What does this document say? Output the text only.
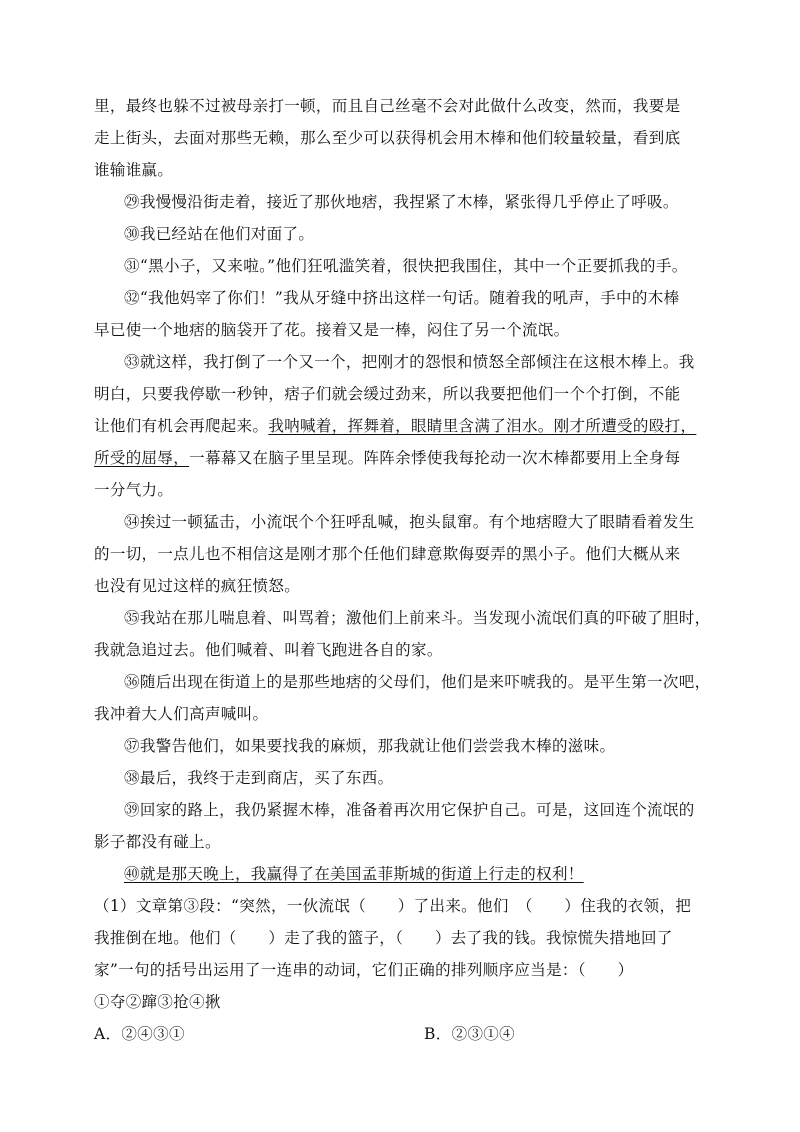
里，最终也躲不过被母亲打一顿，而且自己丝毫不会对此做什么改变，然而，我要是
走上街头，去面对那些无赖，那么至少可以获得机会用木棒和他们较量较量，看到底
谁输谁赢。
㉙我慢慢沿街走着，接近了那伙地痞，我捏紧了木棒，紧张得几乎停止了呼吸。
㉚我已经站在他们对面了。
㉛“黑小子，又来啦。”他们狂吼滥笑着，很快把我围住，其中一个正要抓我的手。
㉜“我他妈宰了你们！”我从牙缝中挤出这样一句话。随着我的吼声，手中的木棒
早已使一个地痞的脑袋开了花。接着又是一棒，闷住了另一个流氓。
㉝就这样，我打倒了一个又一个，把刚才的怨恨和愤怒全部倾注在这根木棒上。我
明白，只要我停歇一秒钟，痞子们就会缓过劲来，所以我要把他们一个个打倒，不能
让他们有机会再爬起来。我呐喊着，挥舞着，眼睛里含满了泪水。刚才所遭受的殴打，
所受的屈辱，一幕幕又在脑子里呈现。阵阵余悸使我每抡动一次木棒都要用上全身每
一分气力。
㉞挨过一顿猛击，小流氓个个狂呼乱喊，抱头鼠窜。有个地痞瞪大了眼睛看着发生
的一切，一点儿也不相信这是刚才那个任他们肆意欺侮耍弄的黑小子。他们大概从来
也没有见过这样的疯狂愤怒。
㉟我站在那儿喘息着、叫骂着；激他们上前来斗。当发现小流氓们真的吓破了胆时，
我就急追过去。他们喊着、叫着飞跑进各自的家。
㊱随后出现在街道上的是那些地痞的父母们，他们是来吓唬我的。是平生第一次吧，
我冲着大人们高声喊叫。
㊲我警告他们，如果要找我的麻烦，那我就让他们尝尝我木棒的滋味。
㊳最后，我终于走到商店，买了东西。
㊴回家的路上，我仍紧握木棒，准备着再次用它保护自己。可是，这回连个流氓的
影子都没有碰上。
㊵就是那天晚上，我赢得了在美国孟菲斯城的街道上行走的权利！
（1）文章第③段：“突然，一伙流氓（　　）了出来。他们　（　　）住我的衣领，把
我推倒在地。他们（　　）走了我的篮子，（　　）去了我的钱。我惊慌失措地回了
家”一句的括号出运用了一连串的动词，它们正确的排列顺序应当是：（　　）
①夺②蹿③抢④揪
A．②④③①	B．②③①④
